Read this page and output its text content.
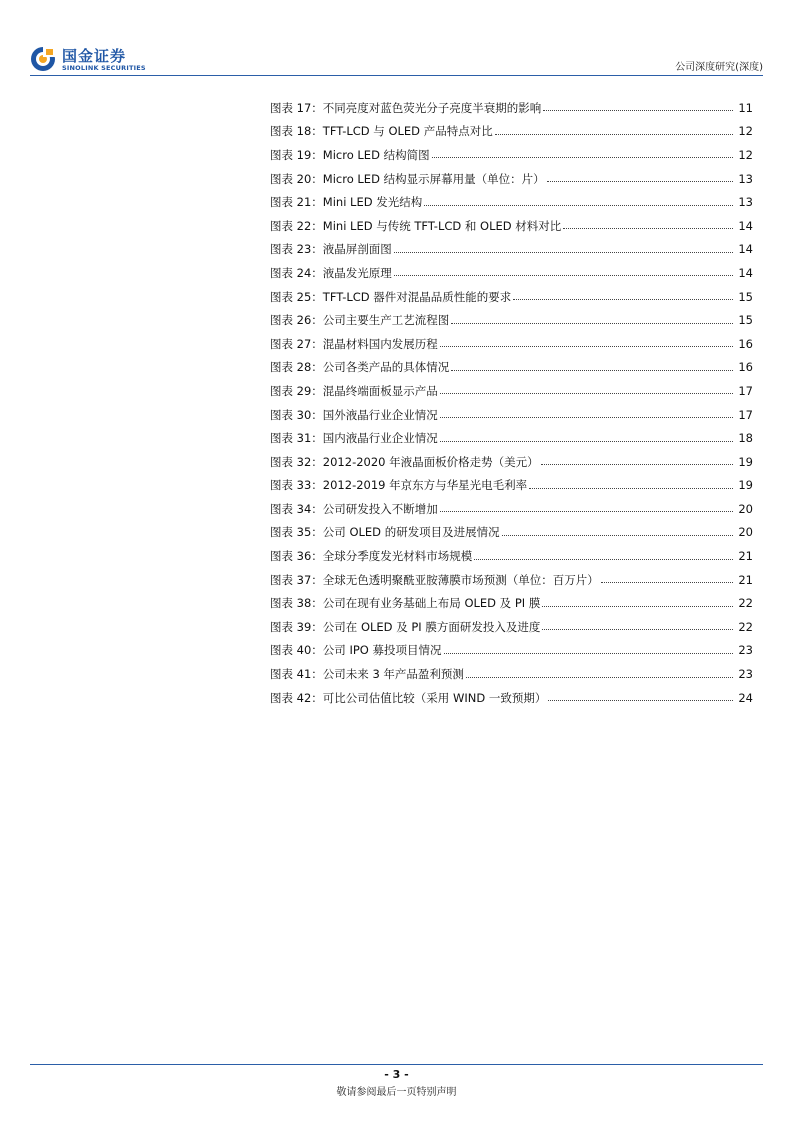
国金证券
SINOLINK SECURITIES	公司深度研究(深度)
图表 17： 不同亮度对蓝色荧光分子亮度半衰期的影响	11
图表 18： TFT-LCD 与 OLED 产品特点对比	12
图表 19： Micro LED 结构简图	12
图表 20： Micro LED 结构显示屏幕用量（单位：片）	13
图表 21： Mini LED 发光结构	13
图表 22： Mini LED 与传统 TFT-LCD 和 OLED 材料对比	14
图表 23： 液晶屏剖面图	14
图表 24： 液晶发光原理	14
图表 25： TFT-LCD 器件对混晶品质性能的要求	15
图表 26： 公司主要生产工艺流程图	15
图表 27： 混晶材料国内发展历程	16
图表 28： 公司各类产品的具体情况	16
图表 29： 混晶终端面板显示产品	17
图表 30： 国外液晶行业企业情况	17
图表 31： 国内液晶行业企业情况	18
图表 32： 2012-2020 年液晶面板价格走势（美元）	19
图表 33： 2012-2019 年京东方与华星光电毛利率	19
图表 34： 公司研发投入不断增加	20
图表 35： 公司 OLED 的研发项目及进展情况	20
图表 36： 全球分季度发光材料市场规模	21
图表 37： 全球无色透明聚酰亚胺薄膜市场预测（单位：百万片）	21
图表 38： 公司在现有业务基础上布局 OLED 及 PI 膜	22
图表 39： 公司在 OLED 及 PI 膜方面研发投入及进度	22
图表 40： 公司 IPO 募投项目情况	23
图表 41： 公司未来 3 年产品盈利预测	23
图表 42： 可比公司估值比较（采用 WIND 一致预期）	24
- 3 -
敬请参阅最后一页特别声明
